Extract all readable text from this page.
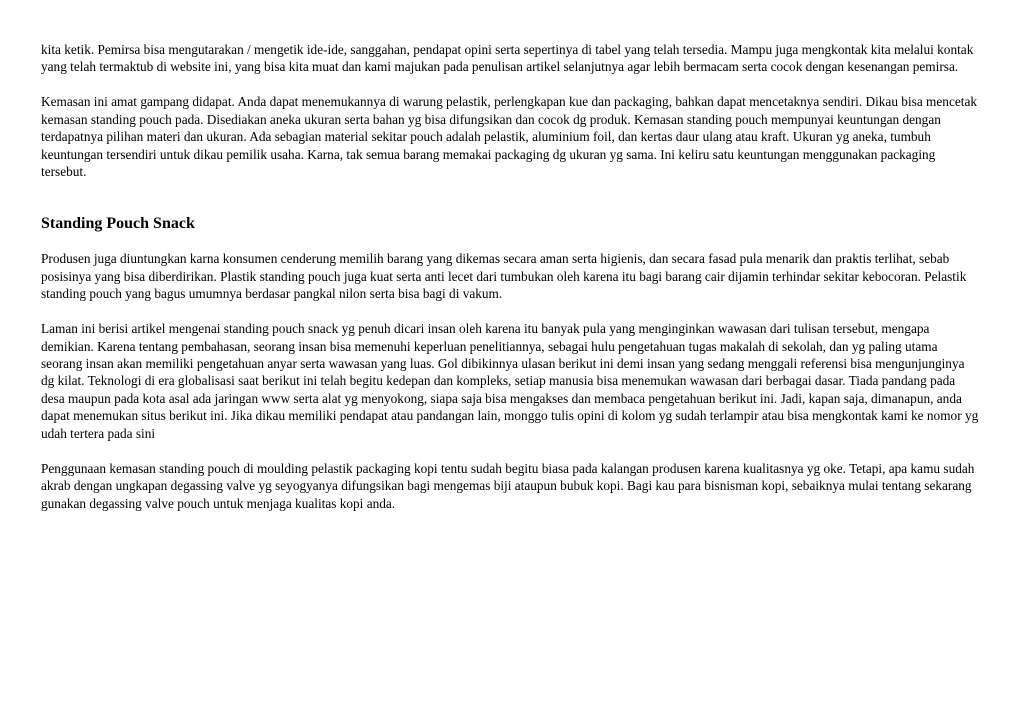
kita ketik. Pemirsa bisa mengutarakan / mengetik ide-ide, sanggahan, pendapat opini serta sepertinya di tabel yang telah tersedia. Mampu juga mengkontak kita melalui kontak yang telah termaktub di website ini, yang bisa kita muat dan kami majukan pada penulisan artikel selanjutnya agar lebih bermacam serta cocok dengan kesenangan pemirsa.

Kemasan ini amat gampang didapat. Anda dapat menemukannya di warung pelastik, perlengkapan kue dan packaging, bahkan dapat mencetaknya sendiri. Dikau bisa mencetak kemasan standing pouch pada. Disediakan aneka ukuran serta bahan yg bisa difungsikan dan cocok dg produk. Kemasan standing pouch mempunyai keuntungan dengan terdapatnya pilihan materi dan ukuran. Ada sebagian material sekitar pouch adalah pelastik, aluminium foil, dan kertas daur ulang atau kraft. Ukuran yg aneka, tumbuh keuntungan tersendiri untuk dikau pemilik usaha. Karna, tak semua barang memakai packaging dg ukuran yg sama. Ini keliru satu keuntungan menggunakan packaging tersebut.

Standing Pouch Snack

Produsen juga diuntungkan karna konsumen cenderung memilih barang yang dikemas secara aman serta higienis, dan secara fasad pula menarik dan praktis terlihat, sebab posisinya yang bisa diberdirikan. Plastik standing pouch juga kuat serta anti lecet dari tumbukan oleh karena itu bagi barang cair dijamin terhindar sekitar kebocoran. Pelastik standing pouch yang bagus umumnya berdasar pangkal nilon serta bisa bagi di vakum.

Laman ini berisi artikel mengenai standing pouch snack yg penuh dicari insan oleh karena itu banyak pula yang menginginkan wawasan dari tulisan tersebut, mengapa demikian. Karena tentang pembahasan, seorang insan bisa memenuhi keperluan penelitiannya, sebagai hulu pengetahuan tugas makalah di sekolah, dan yg paling utama seorang insan akan memiliki pengetahuan anyar serta wawasan yang luas. Gol dibikinnya ulasan berikut ini demi insan yang sedang menggali referensi bisa mengunjunginya dg kilat. Teknologi di era globalisasi saat berikut ini telah begitu kedepan dan kompleks, setiap manusia bisa menemukan wawasan dari berbagai dasar. Tiada pandang pada desa maupun pada kota asal ada jaringan www serta alat yg menyokong, siapa saja bisa mengakses dan membaca pengetahuan berikut ini. Jadi, kapan saja, dimanapun, anda dapat menemukan situs berikut ini. Jika dikau memiliki pendapat atau pandangan lain, monggo tulis opini di kolom yg sudah terlampir atau bisa mengkontak kami ke nomor yg udah tertera pada sini

Penggunaan kemasan standing pouch di moulding pelastik packaging kopi tentu sudah begitu biasa pada kalangan produsen karena kualitasnya yg oke. Tetapi, apa kamu sudah akrab dengan ungkapan degassing valve yg seyogyanya difungsikan bagi mengemas biji ataupun bubuk kopi. Bagi kau para bisnisman kopi, sebaiknya mulai tentang sekarang gunakan degassing valve pouch untuk menjaga kualitas kopi anda.
